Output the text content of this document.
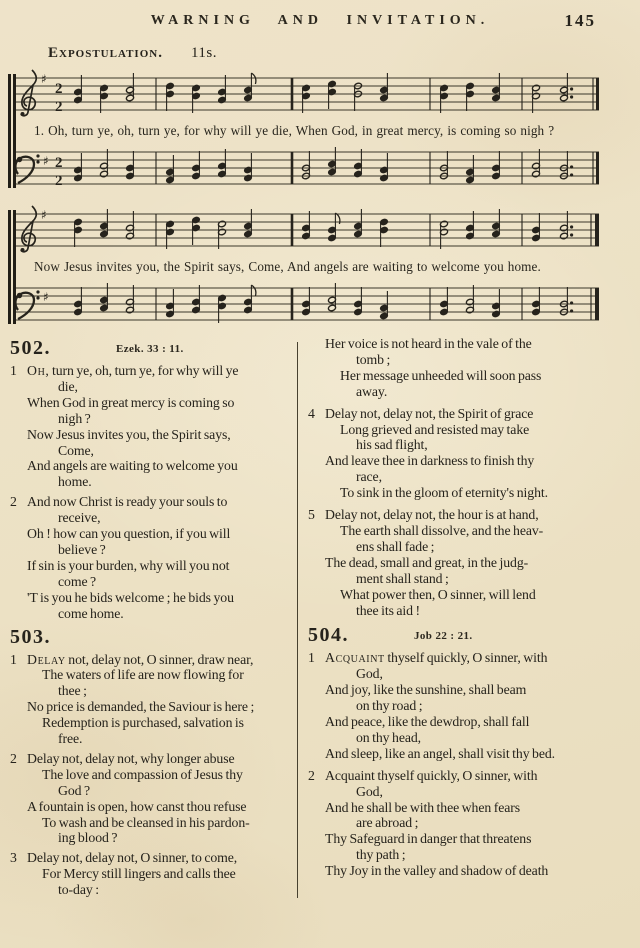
WARNING AND INVITATION.	145
Expostulation. 11s.
♯
2
2
1. Oh, turn ye, oh, turn ye, for why will ye die, When God, in great mercy, is coming so nigh ?
♯ 2
2
♯
Now Jesus invites you, the Spirit says, Come, And angels are waiting to welcome you home.
♯
502.	Ezek. 33 : 11.
1 Oh, turn ye, oh, turn ye, for why will ye
die,
When God in great mercy is coming so
nigh ?
Now Jesus invites you, the Spirit says,
Come,
And angels are waiting to welcome you
home.
2 And now Christ is ready your souls to
receive,
Oh ! how can you question, if you will
believe ?
If sin is your burden, why will you not
come ?
'T is you he bids welcome ; he bids you
come home.
503.
1 Delay not, delay not, O sinner, draw near,
The waters of life are now flowing for
thee ;
No price is demanded, the Saviour is here ;
Redemption is purchased, salvation is
free.
2 Delay not, delay not, why longer abuse
The love and compassion of Jesus thy
God ?
A fountain is open, how canst thou refuse
To wash and be cleansed in his pardon-
ing blood ?
3 Delay not, delay not, O sinner, to come,
For Mercy still lingers and calls thee
to-day :
Her voice is not heard in the vale of the
tomb ;
Her message unheeded will soon pass
away.
4 Delay not, delay not, the Spirit of grace
Long grieved and resisted may take
his sad flight,
And leave thee in darkness to finish thy
race,
To sink in the gloom of eternity's night.
5 Delay not, delay not, the hour is at hand,
The earth shall dissolve, and the heav-
ens shall fade ;
The dead, small and great, in the judg-
ment shall stand ;
What power then, O sinner, will lend
thee its aid !
504.	Job 22 : 21.
1 Acquaint thyself quickly, O sinner, with
God,
And joy, like the sunshine, shall beam
on thy road ;
And peace, like the dewdrop, shall fall
on thy head,
And sleep, like an angel, shall visit thy bed.
2 Acquaint thyself quickly, O sinner, with
God,
And he shall be with thee when fears
are abroad ;
Thy Safeguard in danger that threatens
thy path ;
Thy Joy in the valley and shadow of death
